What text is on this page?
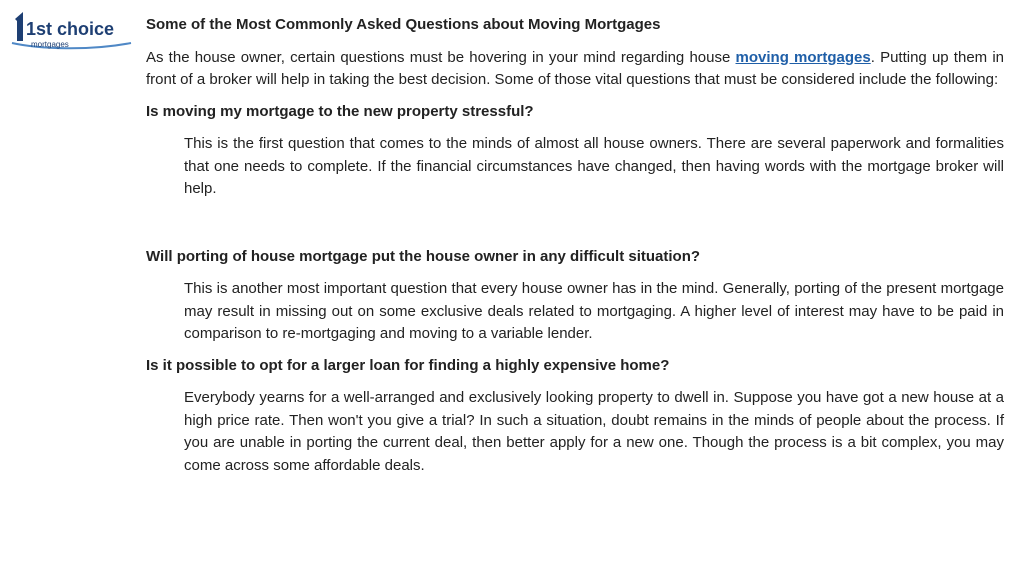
1st choice
mortgages

Some of the Most Commonly Asked Questions about Moving Mortgages

As the house owner, certain questions must be hovering in your mind regarding house moving mortgages. Putting up them in front of a broker will help in taking the best decision. Some of those vital questions that must be considered include the following:

Is moving my mortgage to the new property stressful?

This is the first question that comes to the minds of almost all house owners. There are several paperwork and formalities that one needs to complete. If the financial circumstances have changed, then having words with the mortgage broker will help.

Will porting of house mortgage put the house owner in any difficult situation?

This is another most important question that every house owner has in the mind. Generally, porting of the present mortgage may result in missing out on some exclusive deals related to mortgaging. A higher level of interest may have to be paid in comparison to re-mortgaging and moving to a variable lender.

Is it possible to opt for a larger loan for finding a highly expensive home?

Everybody yearns for a well-arranged and exclusively looking property to dwell in. Suppose you have got a new house at a high price rate. Then won't you give a trial? In such a situation, doubt remains in the minds of people about the process. If you are unable in porting the current deal, then better apply for a new one. Though the process is a bit complex, you may come across some affordable deals.
